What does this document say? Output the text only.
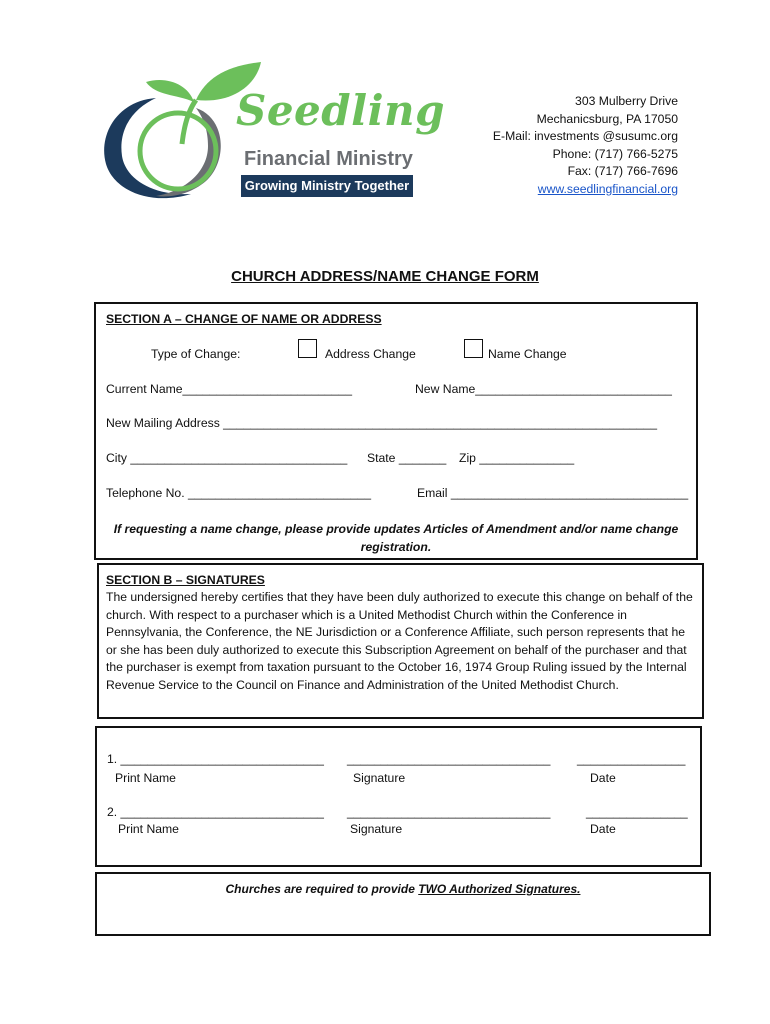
Seedling
Financial Ministry
Growing Ministry Together
303 Mulberry Drive
Mechanicsburg, PA 17050
E-Mail: investments @susumc.org
Phone: (717) 766-5275
Fax: (717) 766-7696
www.seedlingfinancial.org
CHURCH ADDRESS/NAME CHANGE FORM
SECTION A – CHANGE OF NAME OR ADDRESS
Type of Change:	Address Change	Name Change
Current Name_________________________	New Name_____________________________
New Mailing Address ________________________________________________________________
City ________________________________ State _______ Zip ______________
Telephone No. ___________________________	Email ___________________________________
If requesting a name change, please provide updates Articles of Amendment and/or name change registration.
SECTION B – SIGNATURES
The undersigned hereby certifies that they have been duly authorized to execute this change on behalf of the church. With respect to a purchaser which is a United Methodist Church within the Conference in Pennsylvania, the Conference, the NE Jurisdiction or a Conference Affiliate, such person represents that he or she has been duly authorized to execute this Subscription Agreement on behalf of the purchaser and that the purchaser is exempt from taxation pursuant to the October 16, 1974 Group Ruling issued by the Internal Revenue Service to the Council on Finance and Administration of the United Methodist Church.
1. ______________________________ ______________________________ ________________
Print Name	Signature	Date
2. ______________________________ ______________________________	_______________
Print Name	Signature	Date
Churches are required to provide TWO Authorized Signatures.
